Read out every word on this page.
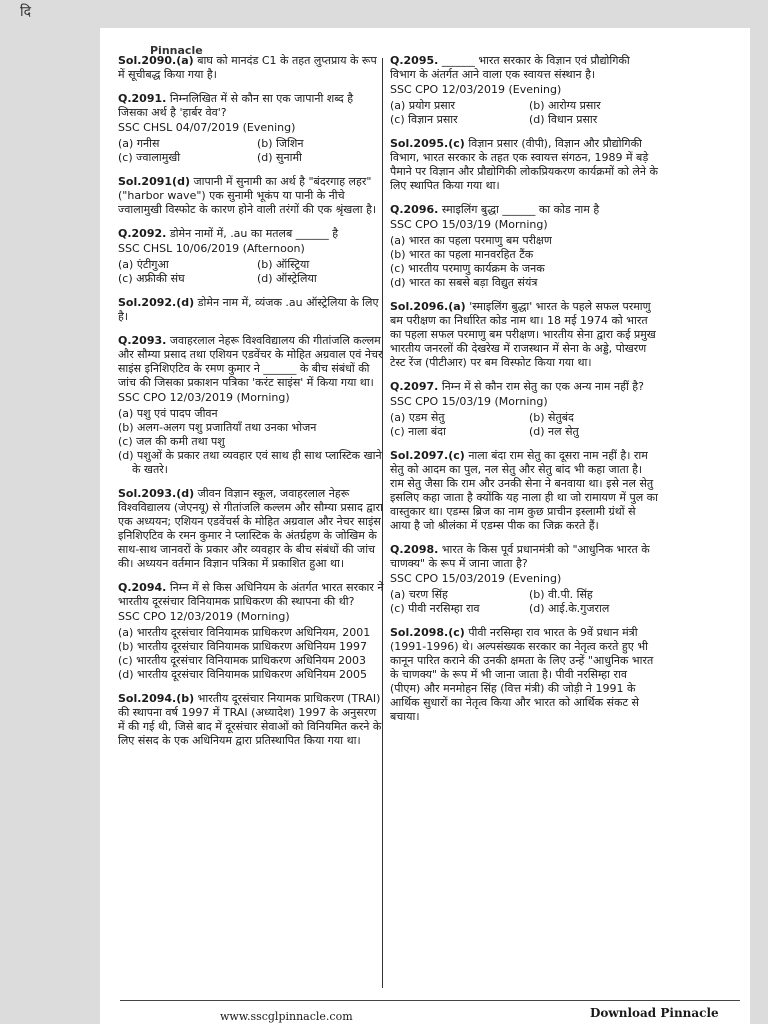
Pinnacle

Sol.2090.(a) बाघ को मानदंड C1 के तहत लुप्तप्राय के रूप में सूचीबद्ध किया गया है।

Q.2091. निम्नलिखित में से कौन सा एक जापानी शब्द है जिसका अर्थ है 'हार्बर वेव'?

SSC CHSL 04/07/2019 (Evening)
(a) गनीस	(b) जिशिन
(c) ज्वालामुखी	(d) सुनामी

Sol.2091(d) जापानी में सुनामी का अर्थ है "बंदरगाह लहर" ("harbor wave") एक सुनामी भूकंप या पानी के नीचे ज्वालामुखी विस्फोट के कारण होने वाली तरंगों की एक श्रृंखला है।

Q.2092. डोमेन नामों में, .au का मतलब ______ है

SSC CHSL 10/06/2019 (Afternoon)
(a) एंटीगुआ	(b) ऑस्ट्रिया
(c) अफ्रीकी संघ	(d) ऑस्ट्रेलिया

Sol.2092.(d) डोमेन नाम में, व्यंजक .au ऑस्ट्रेलिया के लिए है।

Q.2093. जवाहरलाल नेहरू विश्वविद्यालय की गीतांजलि कल्लम और सौम्या प्रसाद तथा एशियन एडवेंचर के मोहित अग्रवाल एवं नेचर साइंस इनिशिएटिव के रमण कुमार ने ______ के बीच संबंधों की जांच की जिसका प्रकाशन पत्रिका 'करंट साइंस' में किया गया था।

SSC CPO 12/03/2019 (Morning)
(a) पशु एवं पादप जीवन
(b) अलग-अलग पशु प्रजातियाँ तथा उनका भोजन
(c) जल की कमी तथा पशु
(d) पशुओं के प्रकार तथा व्यवहार एवं साथ ही साथ प्लास्टिक खाने के खतरे।

Sol.2093.(d) जीवन विज्ञान स्कूल, जवाहरलाल नेहरू विश्वविद्यालय (जेएनयू) से गीतांजलि कल्लम और सौम्या प्रसाद द्वारा एक अध्ययन; एशियन एडवेंचर्स के मोहित अग्रवाल और नेचर साइंस इनिशिएटिव के रमन कुमार ने प्लास्टिक के अंतर्ग्रहण के जोखिम के साथ-साथ जानवरों के प्रकार और व्यवहार के बीच संबंधों की जांच की। अध्ययन वर्तमान विज्ञान पत्रिका में प्रकाशित हुआ था।

Q.2094. निम्न में से किस अधिनियम के अंतर्गत भारत सरकार ने भारतीय दूरसंचार विनियामक प्राधिकरण की स्थापना की थी?

SSC CPO 12/03/2019 (Morning)
(a) भारतीय दूरसंचार विनियामक प्राधिकरण अधिनियम, 2001
(b) भारतीय दूरसंचार विनियामक प्राधिकरण अधिनियम 1997
(c) भारतीय दूरसंचार विनियामक प्राधिकरण अधिनियम 2003
(d) भारतीय दूरसंचार विनियामक प्राधिकरण अधिनियम 2005

Sol.2094.(b) भारतीय दूरसंचार नियामक प्राधिकरण (TRAI) की स्थापना वर्ष 1997 में TRAI (अध्यादेश) 1997 के अनुसरण में की गई थी, जिसे बाद में दूरसंचार सेवाओं को विनियमित करने के लिए संसद के एक अधिनियम द्वारा प्रतिस्थापित किया गया था।

Q.2095. ______ भारत सरकार के विज्ञान एवं प्रौद्योगिकी विभाग के अंतर्गत आने वाला एक स्वायत्त संस्थान है।

SSC CPO 12/03/2019 (Evening)
(a) प्रयोग प्रसार	(b) आरोग्य प्रसार
(c) विज्ञान प्रसार	(d) विधान प्रसार

Sol.2095.(c) विज्ञान प्रसार (वीपी), विज्ञान और प्रौद्योगिकी विभाग, भारत सरकार के तहत एक स्वायत्त संगठन, 1989 में बड़े पैमाने पर विज्ञान और प्रौद्योगिकी लोकप्रियकरण कार्यक्रमों को लेने के लिए स्थापित किया गया था।

Q.2096. स्माइलिंग बुद्धा ______ का कोड नाम है

SSC CPO 15/03/19 (Morning)
(a) भारत का पहला परमाणु बम परीक्षण
(b) भारत का पहला मानवरहित टैंक
(c) भारतीय परमाणु कार्यक्रम के जनक
(d) भारत का सबसे बड़ा विद्युत संयंत्र

Sol.2096.(a) 'स्माइलिंग बुद्धा' भारत के पहले सफल परमाणु बम परीक्षण का निर्धारित कोड नाम था। 18 मई 1974 को भारत का पहला सफल परमाणु बम परीक्षण। भारतीय सेना द्वारा कई प्रमुख भारतीय जनरलों की देखरेख में राजस्थान में सेना के अड्डे, पोखरण टेस्ट रेंज (पीटीआर) पर बम विस्फोट किया गया था।

Q.2097. निम्न में से कौन राम सेतु का एक अन्य नाम नहीं है?

SSC CPO 15/03/19 (Morning)
(a) एडम सेतु	(b) सेतुबंद
(c) नाला बंदा	(d) नल सेतु

Sol.2097.(c) नाला बंदा राम सेतु का दूसरा नाम नहीं है। राम सेतु को आदम का पुल, नल सेतु और सेतु बांद भी कहा जाता है। राम सेतु जैसा कि राम और उनकी सेना ने बनवाया था। इसे नल सेतु इसलिए कहा जाता है क्योंकि यह नाला ही था जो रामायण में पुल का वास्तुकार था। एडम्स ब्रिज का नाम कुछ प्राचीन इस्लामी ग्रंथों से आया है जो श्रीलंका में एडम्स पीक का जिक्र करते हैं।

Q.2098. भारत के किस पूर्व प्रधानमंत्री को "आधुनिक भारत के चाणक्य" के रूप में जाना जाता है?

SSC CPO 15/03/2019 (Evening)
(a) चरण सिंह	(b) वी.पी. सिंह
(c) पीवी नरसिम्हा राव	(d) आई.के.गुजराल

Sol.2098.(c) पीवी नरसिम्हा राव भारत के 9वें प्रधान मंत्री (1991-1996) थे। अल्पसंख्यक सरकार का नेतृत्व करते हुए भी कानून पारित कराने की उनकी क्षमता के लिए उन्हें "आधुनिक भारत के चाणक्य" के रूप में भी जाना जाता है। पीवी नरसिम्हा राव (पीएम) और मनमोहन सिंह (वित्त मंत्री) की जोड़ी ने 1991 के आर्थिक सुधारों का नेतृत्व किया और भारत को आर्थिक संकट से बचाया।

www.sscglpinnacle.com	Download Pinnacle
दि
